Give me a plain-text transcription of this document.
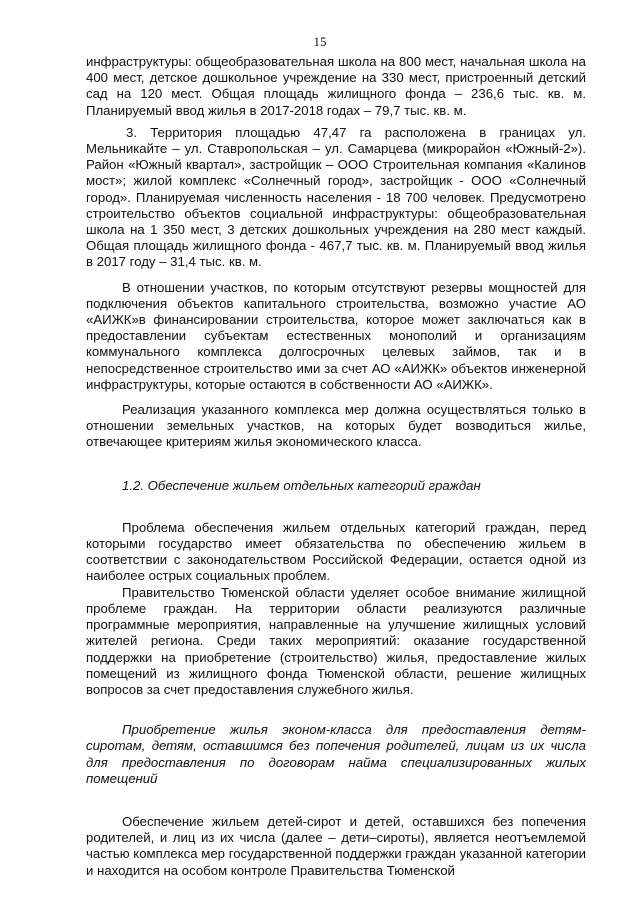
15

инфраструктуры: общеобразовательная школа на 800 мест, начальная школа на 400 мест, детское дошкольное учреждение на 330 мест, пристроенный детский сад на 120 мест. Общая площадь жилищного фонда – 236,6 тыс. кв. м. Планируемый ввод жилья в 2017-2018 годах – 79,7 тыс. кв. м.

3. Территория площадью 47,47 га расположена в границах ул. Мельникайте – ул. Ставропольская – ул. Самарцева (микрорайон «Южный-2»). Район «Южный квартал», застройщик – ООО Строительная компания «Калинов мост»; жилой комплекс «Солнечный город», застройщик - ООО «Солнечный город». Планируемая численность населения - 18 700 человек. Предусмотрено строительство объектов социальной инфраструктуры: общеобразовательная школа на 1 350 мест, 3 детских дошкольных учреждения на 280 мест каждый. Общая площадь жилищного фонда - 467,7 тыс. кв. м. Планируемый ввод жилья в 2017 году – 31,4 тыс. кв. м.

В отношении участков, по которым отсутствуют резервы мощностей для подключения объектов капитального строительства, возможно участие АО «АИЖК»в финансировании строительства, которое может заключаться как в предоставлении субъектам естественных монополий и организациям коммунального комплекса долгосрочных целевых займов, так и в непосредственное строительство ими за счет АО «АИЖК» объектов инженерной инфраструктуры, которые остаются в собственности АО «АИЖК».

Реализация указанного комплекса мер должна осуществляться только в отношении земельных участков, на которых будет возводиться жилье, отвечающее критериям жилья экономического класса.

1.2. Обеспечение жильем отдельных категорий граждан

Проблема обеспечения жильем отдельных категорий граждан, перед которыми государство имеет обязательства по обеспечению жильем в соответствии с законодательством Российской Федерации, остается одной из наиболее острых социальных проблем.

Правительство Тюменской области уделяет особое внимание жилищной проблеме граждан. На территории области реализуются различные программные мероприятия, направленные на улучшение жилищных условий жителей региона. Среди таких мероприятий: оказание государственной поддержки на приобретение (строительство) жилья, предоставление жилых помещений из жилищного фонда Тюменской области, решение жилищных вопросов за счет предоставления служебного жилья.

Приобретение жилья эконом-класса для предоставления детям-сиротам, детям, оставшимся без попечения родителей, лицам из их числа для предоставления по договорам найма специализированных жилых помещений

Обеспечение жильем детей-сирот и детей, оставшихся без попечения родителей, и лиц из их числа (далее – дети–сироты), является неотъемлемой частью комплекса мер государственной поддержки граждан указанной категории и находится на особом контроле Правительства Тюменской
